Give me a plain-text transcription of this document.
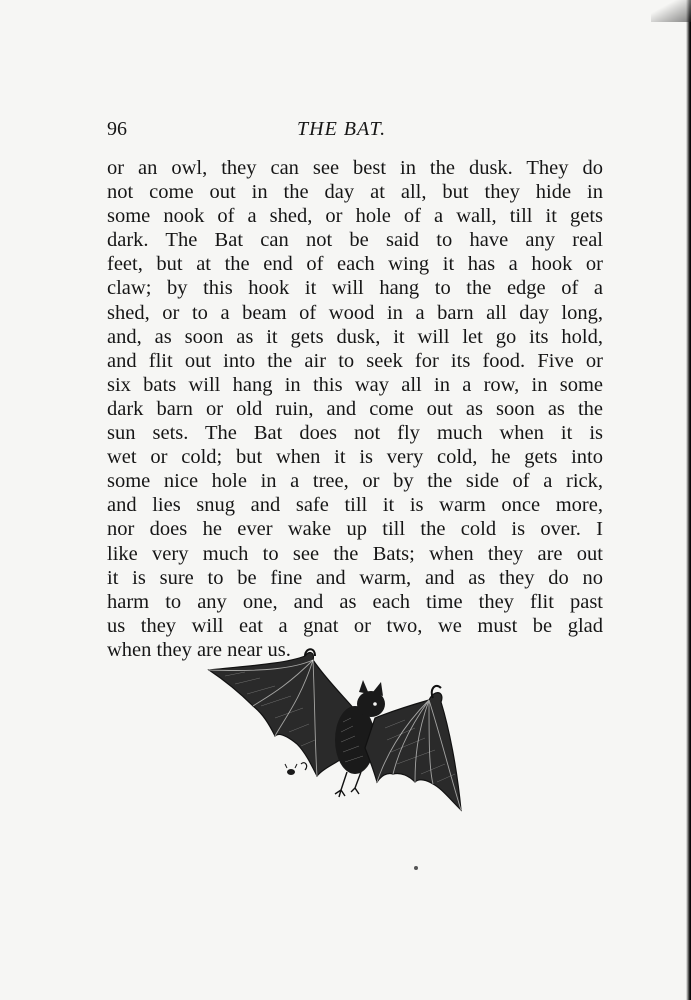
96	THE BAT.
or an owl, they can see best in the dusk. They do
not come out in the day at all, but they hide in
some nook of a shed, or hole of a wall, till it gets
dark. The Bat can not be said to have any real
feet, but at the end of each wing it has a hook or
claw; by this hook it will hang to the edge of a
shed, or to a beam of wood in a barn all day long,
and, as soon as it gets dusk, it will let go its hold,
and flit out into the air to seek for its food. Five or
six bats will hang in this way all in a row, in some
dark barn or old ruin, and come out as soon as the
sun sets. The Bat does not fly much when it is
wet or cold; but when it is very cold, he gets into
some nice hole in a tree, or by the side of a rick,
and lies snug and safe till it is warm once more,
nor does he ever wake up till the cold is over. I
like very much to see the Bats; when they are out
it is sure to be fine and warm, and as they do no
harm to any one, and as each time they flit past
us they will eat a gnat or two, we must be glad
when they are near us.
